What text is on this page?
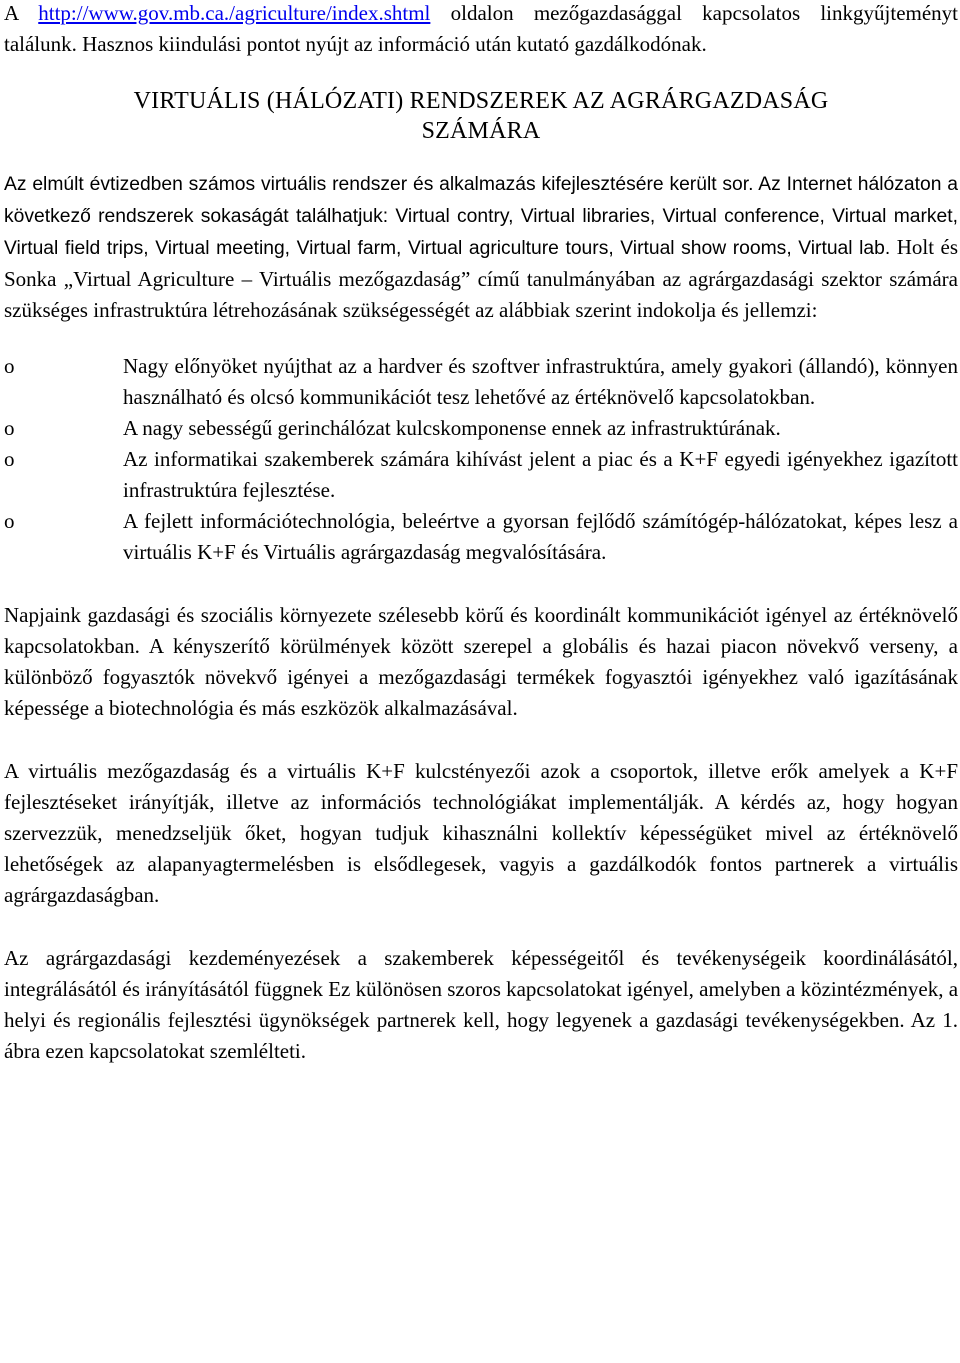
A http://www.gov.mb.ca./agriculture/index.shtml oldalon mezőgazdasággal kapcsolatos linkgyűjteményt találunk. Hasznos kiindulási pontot nyújt az információ után kutató gazdálkodónak.

VIRTUÁLIS (HÁLÓZATI) RENDSZEREK AZ AGRÁRGAZDASÁG
SZÁMÁRA

Az elmúlt évtizedben számos virtuális rendszer és alkalmazás kifejlesztésére került sor. Az Internet hálózaton a következő rendszerek sokaságát találhatjuk: Virtual contry, Virtual libraries, Virtual conference, Virtual market, Virtual field trips, Virtual meeting, Virtual farm, Virtual agriculture tours, Virtual show rooms, Virtual lab. Holt és Sonka „Virtual Agriculture – Virtuális mezőgazdaság” című tanulmányában az agrárgazdasági szektor számára szükséges infrastruktúra létrehozásának szükségességét az alábbiak szerint indokolja és jellemzi:

o	Nagy előnyöket nyújthat az a hardver és szoftver infrastruktúra, amely gyakori (állandó), könnyen használható és olcsó kommunikációt tesz lehetővé az értéknövelő kapcsolatokban.
o	A nagy sebességű gerinchálózat kulcskomponense ennek az infrastruktúrának.
o	Az informatikai szakemberek számára kihívást jelent a piac és a K+F egyedi igényekhez igazított infrastruktúra fejlesztése.
o	A fejlett információtechnológia, beleértve a gyorsan fejlődő számítógép-hálózatokat, képes lesz a virtuális K+F és Virtuális agrárgazdaság megvalósítására.

Napjaink gazdasági és szociális környezete szélesebb körű és koordinált kommunikációt igényel az értéknövelő kapcsolatokban. A kényszerítő körülmények között szerepel a globális és hazai piacon növekvő verseny, a különböző fogyasztók növekvő igényei a mezőgazdasági termékek fogyasztói igényekhez való igazításának képessége a biotechnológia és más eszközök alkalmazásával.

A virtuális mezőgazdaság és a virtuális K+F kulcstényezői azok a csoportok, illetve erők amelyek a K+F fejlesztéseket irányítják, illetve az információs technológiákat implementálják. A kérdés az, hogy hogyan szervezzük, menedzseljük őket, hogyan tudjuk kihasználni kollektív képességüket mivel az értéknövelő lehetőségek az alapanyagtermelésben is elsődlegesek, vagyis a gazdálkodók fontos partnerek a virtuális agrárgazdaságban.

Az agrárgazdasági kezdeményezések a szakemberek képességeitől és tevékenységeik koordinálásától, integrálásától és irányításától függnek Ez különösen szoros kapcsolatokat igényel, amelyben a közintézmények, a helyi és regionális fejlesztési ügynökségek partnerek kell, hogy legyenek a gazdasági tevékenységekben. Az 1. ábra ezen kapcsolatokat szemlélteti.
